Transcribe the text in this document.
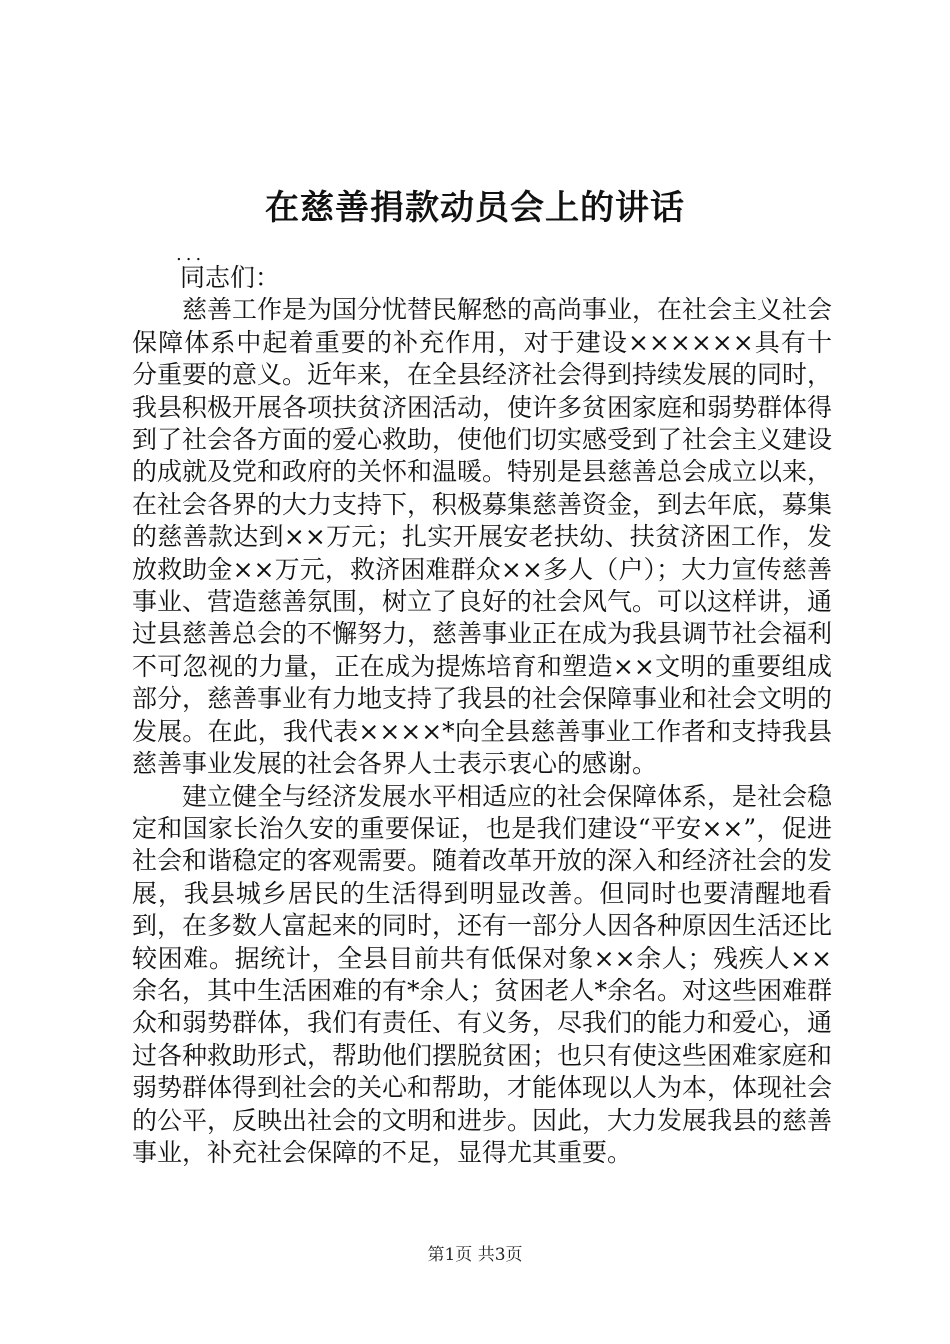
在慈善捐款动员会上的讲话
...

同志们：

慈善工作是为国分忧替民解愁的高尚事业，在社会主义社会保障体系中起着重要的补充作用，对于建设××××××具有十分重要的意义。近年来，在全县经济社会得到持续发展的同时，我县积极开展各项扶贫济困活动，使许多贫困家庭和弱势群体得到了社会各方面的爱心救助，使他们切实感受到了社会主义建设的成就及党和政府的关怀和温暖。特别是县慈善总会成立以来，在社会各界的大力支持下，积极募集慈善资金，到去年底，募集的慈善款达到××万元；扎实开展安老扶幼、扶贫济困工作，发放救助金××万元，救济困难群众××多人（户）；大力宣传慈善事业、营造慈善氛围，树立了良好的社会风气。可以这样讲，通过县慈善总会的不懈努力，慈善事业正在成为我县调节社会福利不可忽视的力量，正在成为提炼培育和塑造××文明的重要组成部分，慈善事业有力地支持了我县的社会保障事业和社会文明的发展。在此，我代表××××*向全县慈善事业工作者和支持我县慈善事业发展的社会各界人士表示衷心的感谢。

建立健全与经济发展水平相适应的社会保障体系，是社会稳定和国家长治久安的重要保证，也是我们建设“平安××”，促进社会和谐稳定的客观需要。随着改革开放的深入和经济社会的发展，我县城乡居民的生活得到明显改善。但同时也要清醒地看到，在多数人富起来的同时，还有一部分人因各种原因生活还比较困难。据统计，全县目前共有低保对象××余人；残疾人××余名，其中生活困难的有*余人；贫困老人*余名。对这些困难群众和弱势群体，我们有责任、有义务，尽我们的能力和爱心，通过各种救助形式，帮助他们摆脱贫困；也只有使这些困难家庭和弱势群体得到社会的关心和帮助，才能体现以人为本，体现社会的公平，反映出社会的文明和进步。因此，大力发展我县的慈善事业，补充社会保障的不足，显得尤其重要。

第1页 共3页
